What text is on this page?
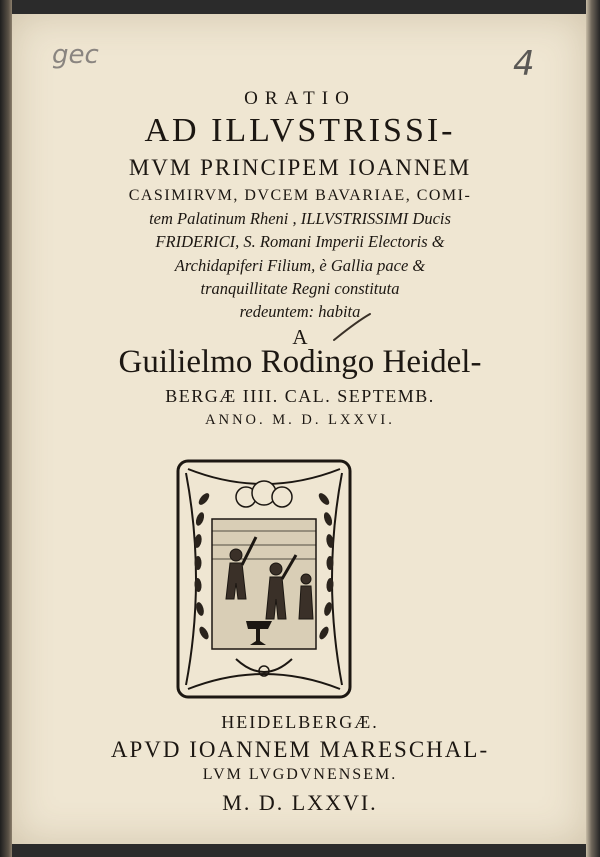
gec	4
ORATIO
AD ILLVSTRISSI-
MVM PRINCIPEM IOANNEM
CASIMIRVM, DVCEM BAVARIAE, COMI-
tem Palatinum Rheni , ILLVSTRISSIMI Ducis
FRIDERICI, S. Romani Imperii Electoris &
Archidapiferi Filium, è Gallia pace &
tranquillitate Regni constituta
redeuntem: habita
A
Guilielmo Rodingo Heidel-
BERGÆ IIII. CAL. SEPTEMB.
ANNO. M. D. LXXVI.
HEIDELBERGÆ.
APVD IOANNEM MARESCHAL-
LVM LVGDVNENSEM.
M. D. LXXVI.
